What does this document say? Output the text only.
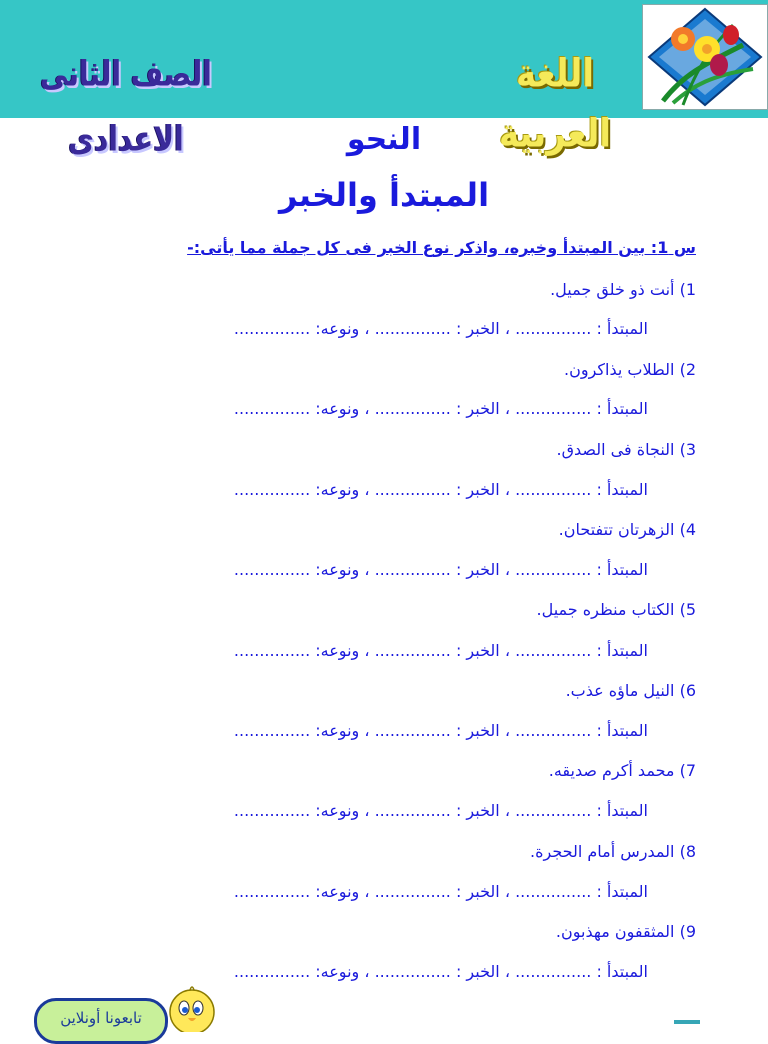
اللغة العربية
الصف الثانى الاعدادى	النحو
المبتدأ والخبر
س 1: بين المبتدأ وخبره، واذكر نوع الخبر فى كل جملة مما يأتى:-
1) أنت ذو خلق جميل.
المبتدأ : ............... ، الخبر : ............... ، ونوعه: ...............
2) الطلاب يذاكرون.
المبتدأ : ............... ، الخبر : ............... ، ونوعه: ...............
3) النجاة فى الصدق.
المبتدأ : ............... ، الخبر : ............... ، ونوعه: ...............
4) الزهرتان تتفتحان.
المبتدأ : ............... ، الخبر : ............... ، ونوعه: ...............
5) الكتاب منظره جميل.
المبتدأ : ............... ، الخبر : ............... ، ونوعه: ...............
6) النيل ماؤه عذب.
المبتدأ : ............... ، الخبر : ............... ، ونوعه: ...............
7) محمد أكرم صديقه.
المبتدأ : ............... ، الخبر : ............... ، ونوعه: ...............
8) المدرس أمام الحجرة.
المبتدأ : ............... ، الخبر : ............... ، ونوعه: ...............
9) المثقفون مهذبون.
المبتدأ : ............... ، الخبر : ............... ، ونوعه: ...............
تابعونا أونلاين
